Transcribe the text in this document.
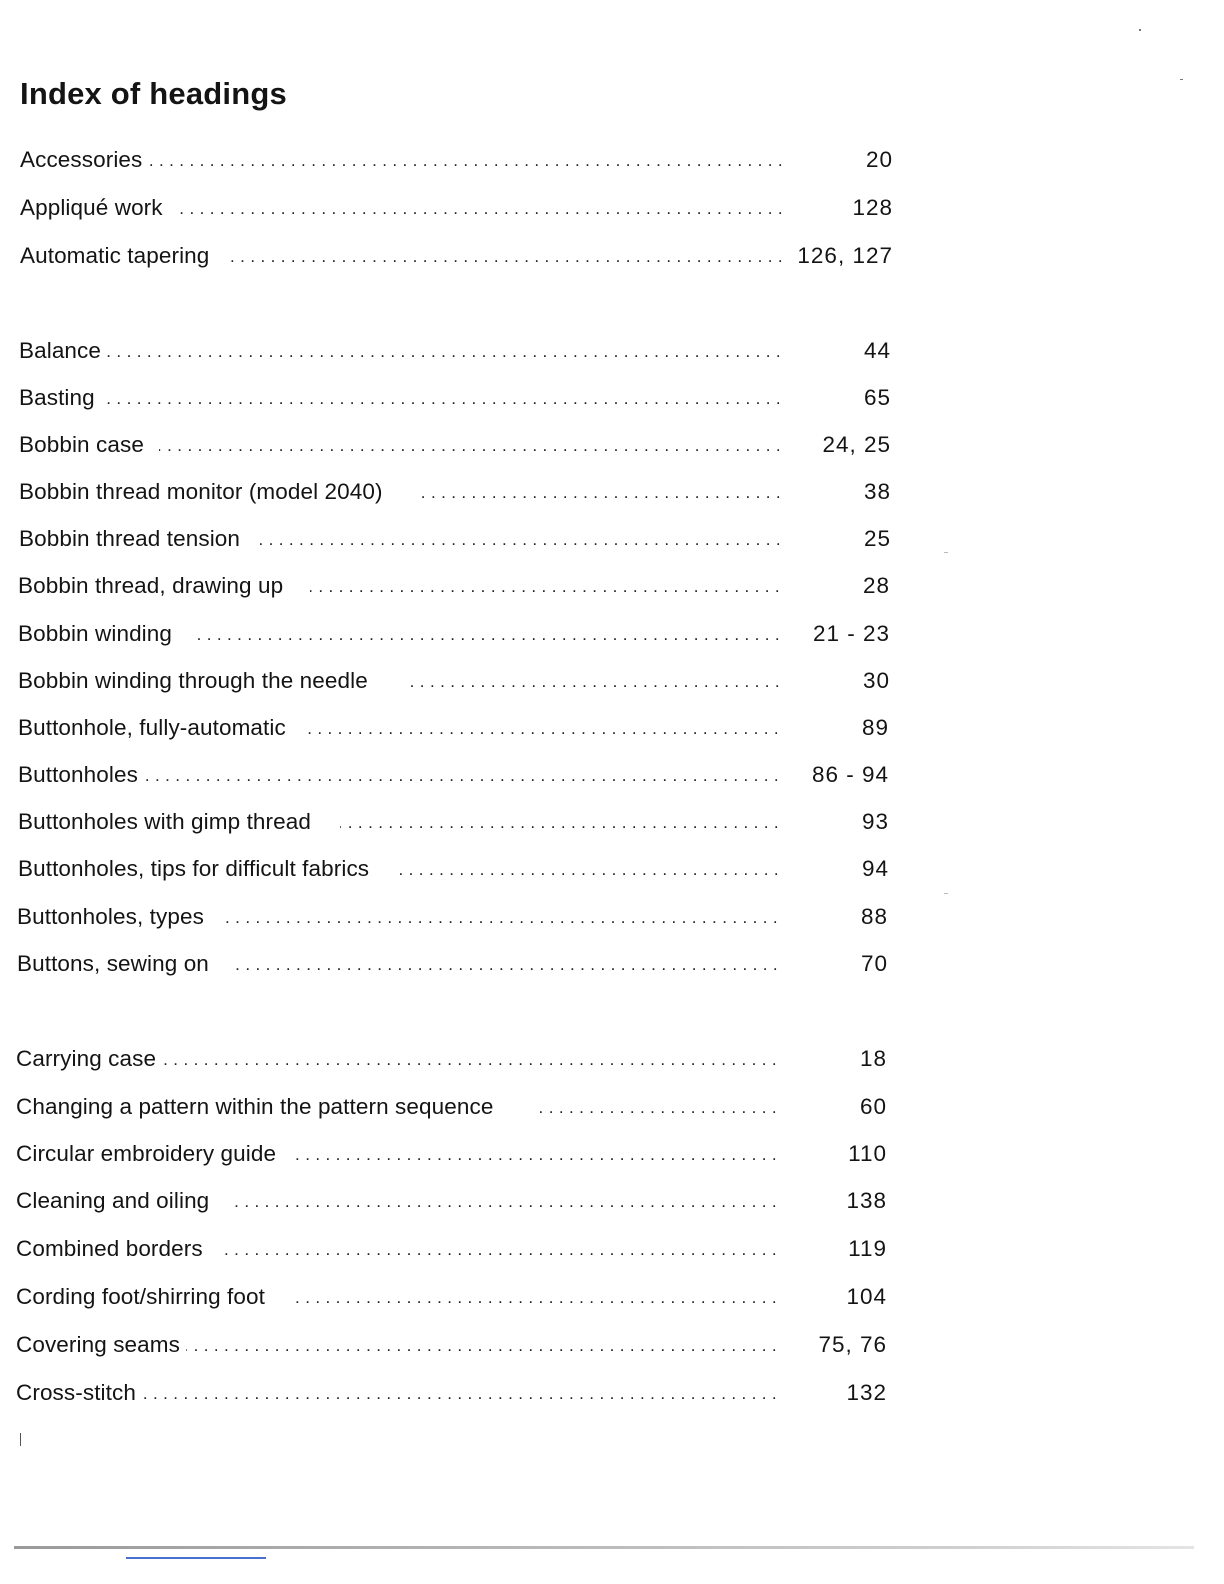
Index of headings
Accessories . . .	20
Appliqué work . . .	128
Automatic tapering . . .	126, 127
Balance . . .	44
Basting . . .	65
Bobbin case . . .	24, 25
Bobbin thread monitor (model 2040) . . .	38
Bobbin thread tension . . .	25
Bobbin thread, drawing up . . .	28
Bobbin winding . . .	21 - 23
Bobbin winding through the needle . . .	30
Buttonhole, fully-automatic . . .	89
Buttonholes . . .	86 - 94
Buttonholes with gimp thread . . .	93
Buttonholes, tips for difficult fabrics . . .	94
Buttonholes, types . . .	88
Buttons, sewing on . . .	70
Carrying case . . .	18
Changing a pattern within the pattern sequence . . .	60
Circular embroidery guide . . .	110
Cleaning and oiling . . .	138
Combined borders . . .	119
Cording foot/shirring foot . . .	104
Covering seams . . .	75, 76
Cross-stitch . . .	132
